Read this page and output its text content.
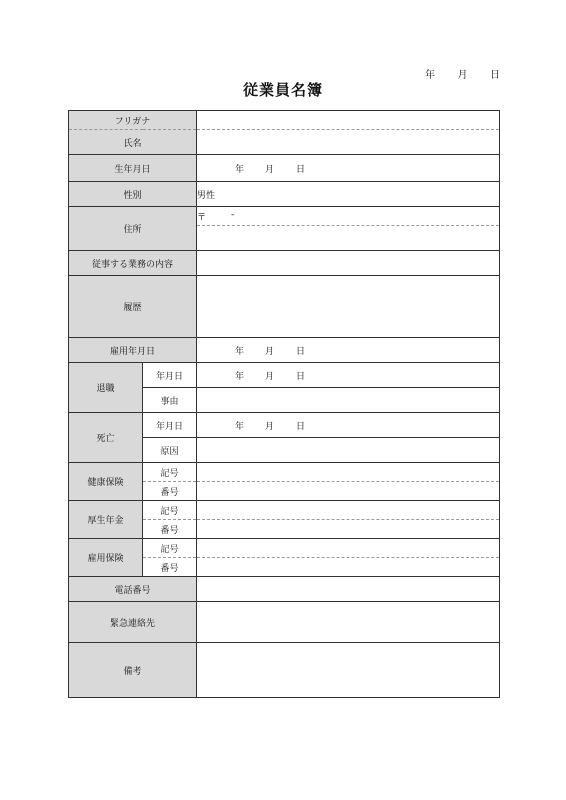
年 月 日
従業員名簿
フリガナ		
氏名		
生年月日		年 月 日

性別		男性
住所		〒 -

従事する業務の内容		
履歴		
雇用年月日		年 月 日

退職	年月日	年 月 日

	事由	
死亡	年月日	年 月 日

	原因	
健康保険	記号	
	番号	
厚生年金	記号	
	番号	
雇用保険	記号	
	番号	
電話番号		
緊急連絡先		
備考		
